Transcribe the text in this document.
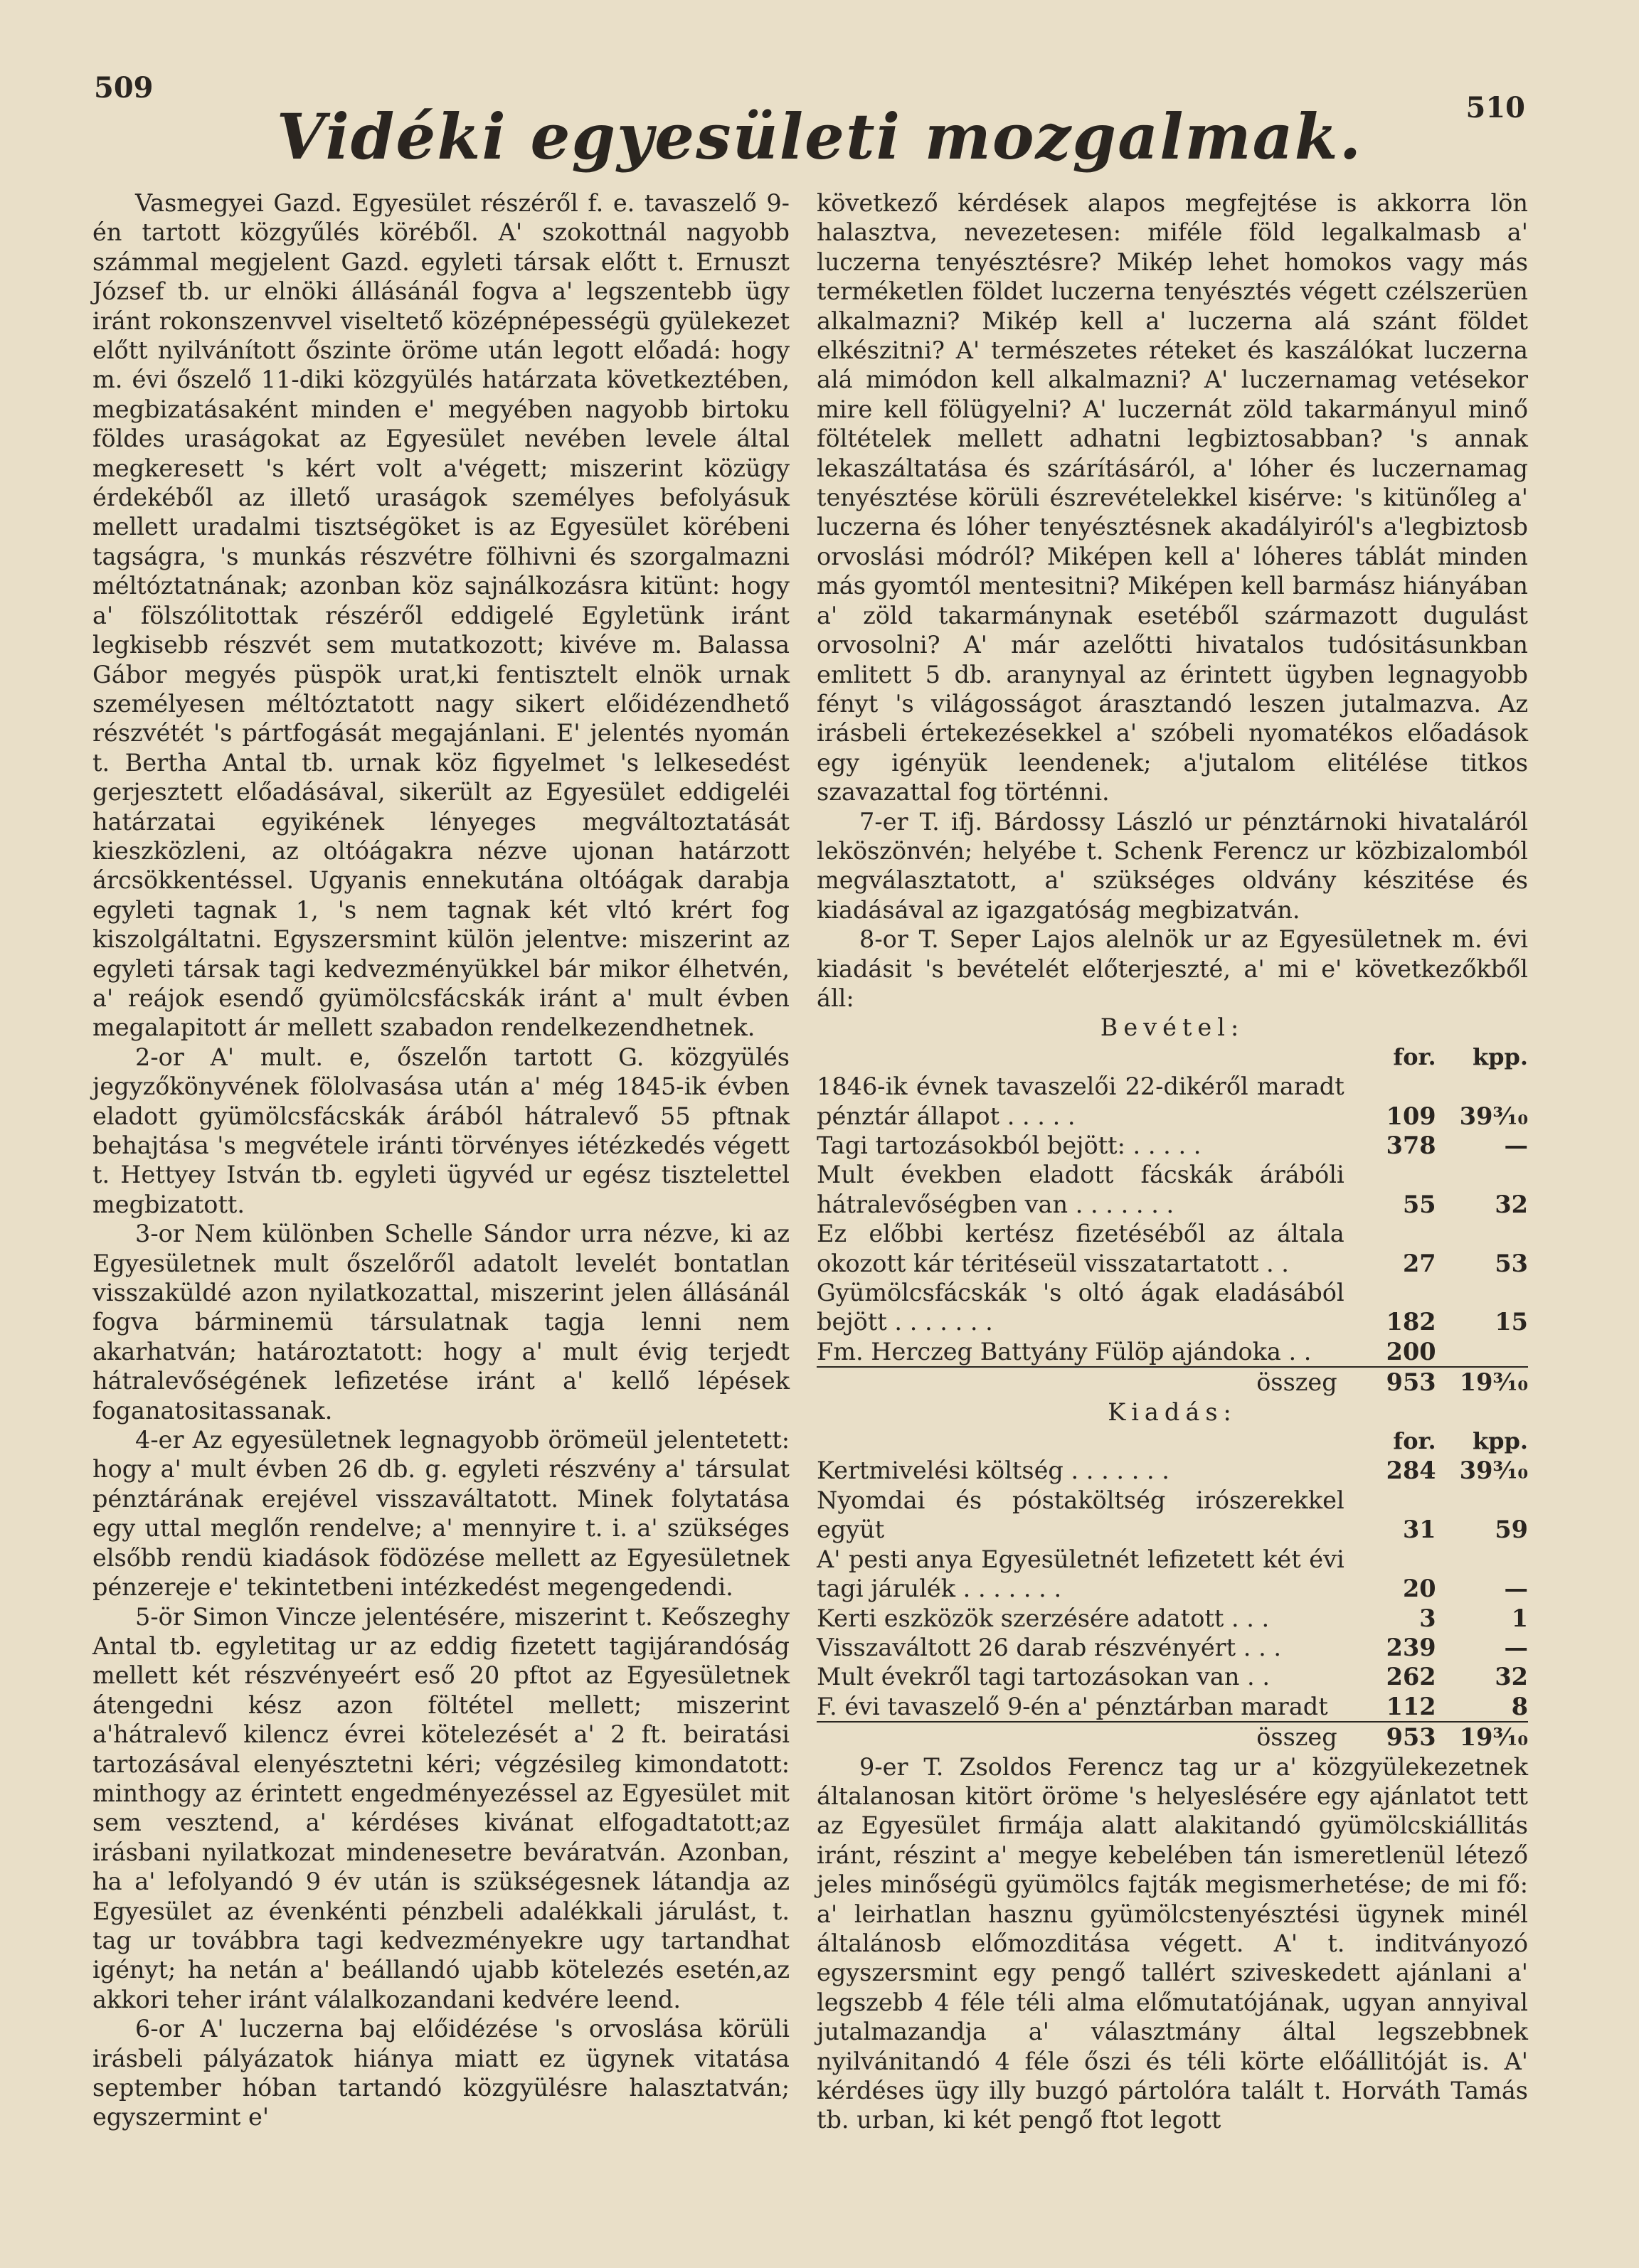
509
510
Vidéki egyesületi mozgalmak.

Vasmegyei Gazd. Egyesület részéről f. e. tavaszelő 9-én tartott közgyűlés köréből. A' szokottnál nagyobb számmal megjelent Gazd. egyleti társak előtt t. Ernuszt József tb. ur elnöki állásánál fogva a' legszentebb ügy iránt rokonszenvvel viseltető középnépességü gyülekezet előtt nyilvánított őszinte öröme után legott előadá: hogy m. évi őszelő 11-diki közgyülés határzata következtében, megbizatásaként minden e' megyében nagyobb birtoku földes uraságokat az Egyesület nevében levele által megkeresett 's kért volt a'végett; miszerint közügy érdekéből az illető uraságok személyes befolyásuk mellett uradalmi tisztségöket is az Egyesület körébeni tagságra, 's munkás részvétre fölhivni és szorgalmazni méltóztatnának; azonban köz sajnálkozásra kitünt: hogy a' fölszólitottak részéről eddigelé Egyletünk iránt legkisebb részvét sem mutatkozott; kivéve m. Balassa Gábor megyés püspök urat,ki fentisztelt elnök urnak személyesen méltóztatott nagy sikert előidézendhető részvétét 's pártfogását megajánlani. E' jelentés nyomán t. Bertha Antal tb. urnak köz figyelmet 's lelkesedést gerjesztett előadásával, sikerült az Egyesület eddigeléi határzatai egyikének lényeges megváltoztatását kieszközleni, az oltóágakra nézve ujonan határzott árcsökkentéssel. Ugyanis ennekutána oltóágak darabja egyleti tagnak 1, 's nem tagnak két vltó krért fog kiszolgáltatni. Egyszersmint külön jelentve: miszerint az egyleti társak tagi kedvezményükkel bár mikor élhetvén, a' reájok esendő gyümölcsfácskák iránt a' mult évben megalapitott ár mellett szabadon rendelkezendhetnek.

2-or A' mult. e, őszelőn tartott G. közgyülés jegyzőkönyvének fölolvasása után a' még 1845-ik évben eladott gyümölcsfácskák árából hátralevő 55 pftnak behajtása 's megvétele iránti törvényes iétézkedés végett t. Hettyey István tb. egyleti ügyvéd ur egész tisztelettel megbizatott.

3-or Nem különben Schelle Sándor urra nézve, ki az Egyesületnek mult őszelőről adatolt levelét bontatlan visszaküldé azon nyilatkozattal, miszerint jelen állásánál fogva bárminemü társulatnak tagja lenni nem akarhatván; határoztatott: hogy a' mult évig terjedt hátralevőségének lefizetése iránt a' kellő lépések foganatositassanak.

4-er Az egyesületnek legnagyobb örömeül jelentetett: hogy a' mult évben 26 db. g. egyleti részvény a' társulat pénztárának erejével visszaváltatott. Minek folytatása egy uttal meglőn rendelve; a' mennyire t. i. a' szükséges elsőbb rendü kiadások födözése mellett az Egyesületnek pénzereje e' tekintetbeni intézkedést megengedendi.

5-ör Simon Vincze jelentésére, miszerint t. Keőszeghy Antal tb. egyletitag ur az eddig fizetett tagijárandóság mellett két részvényeért eső 20 pftot az Egyesületnek átengedni kész azon föltétel mellett; miszerint a'hátralevő kilencz évrei kötelezését a' 2 ft. beiratási tartozásával elenyésztetni kéri; végzésileg kimondatott: minthogy az érintett engedményezéssel az Egyesület mit sem vesztend, a' kérdéses kivánat elfogadtatott;az irásbani nyilatkozat mindenesetre beváratván. Azonban, ha a' lefolyandó 9 év után is szükségesnek látandja az Egyesület az évenkénti pénzbeli adalékkali járulást, t. tag ur továbbra tagi kedvezményekre ugy tartandhat igényt; ha netán a' beállandó ujabb kötelezés esetén,az akkori teher iránt válalkozandani kedvére leend.

6-or A' luczerna baj előidézése 's orvoslása körüli irásbeli pályázatok hiánya miatt ez ügynek vitatása september hóban tartandó közgyülésre halasztatván; egyszermint e'

következő kérdések alapos megfejtése is akkorra lön halasztva, nevezetesen: miféle föld legalkalmasb a' luczerna tenyésztésre? Mikép lehet homokos vagy más terméketlen földet luczerna tenyésztés végett czélszerüen alkalmazni? Mikép kell a' luczerna alá szánt földet elkészitni? A' természetes réteket és kaszálókat luczerna alá mimódon kell alkalmazni? A' luczernamag vetésekor mire kell fölügyelni? A' luczernát zöld takarmányul minő föltételek mellett adhatni legbiztosabban? 's annak lekaszáltatása és szárításáról, a' lóher és luczernamag tenyésztése körüli észrevételekkel kisérve: 's kitünőleg a' luczerna és lóher tenyésztésnek akadályiról's a'legbiztosb orvoslási módról? Miképen kell a' lóheres táblát minden más gyomtól mentesitni? Miképen kell barmász hiányában a' zöld takarmánynak esetéből származott dugulást orvosolni? A' már azelőtti hivatalos tudósitásunkban emlitett 5 db. aranynyal az érintett ügyben legnagyobb fényt 's világosságot árasztandó leszen jutalmazva. Az irásbeli értekezésekkel a' szóbeli nyomatékos előadások egy igényük leendenek; a'jutalom elitélése titkos szavazattal fog történni.

7-er T. ifj. Bárdossy László ur pénztárnoki hivataláról leköszönvén; helyébe t. Schenk Ferencz ur közbizalomból megválasztatott, a' szükséges oldvány készitése és kiadásával az igazgatóság megbizatván.

8-or T. Seper Lajos alelnök ur az Egyesületnek m. évi kiadásit 's bevételét előterjeszté, a' mi e' következőkből áll:

Bevétel:		
	for.	kpp.
1846-ik évnek tavaszelői 22-dikéről maradt pénztár állapot . . . . .	109	39³⁄₁₀
Tagi tartozásokból bejött: . . . . .	378	—
Mult években eladott fácskák árábóli hátralevőségben van . . . . . . .	55	32
Ez előbbi kertész fizetéséből az általa okozott kár téritéseül visszatartatott . .	27	53
Gyümölcsfácskák 's oltó ágak eladásából bejött . . . . . . .	182	15
Fm. Herczeg Battyány Fülöp ajándoka . .	200	
összeg	953	19³⁄₁₀
Kiadás:		
	for.	kpp.
Kertmivelési költség . . . . . . .	284	39³⁄₁₀
Nyomdai és póstaköltség irószerekkel együt	31	59
A' pesti anya Egyesületnét lefizetett két évi tagi járulék . . . . . . .	20	—
Kerti eszközök szerzésére adatott . . .	3	1
Visszaváltott 26 darab részvényért . . .	239	—
Mult évekről tagi tartozásokan van . .	262	32
F. évi tavaszelő 9-én a' pénztárban maradt	112	8
összeg	953	19³⁄₁₀

9-er T. Zsoldos Ferencz tag ur a' közgyülekezetnek általanosan kitört öröme 's helyeslésére egy ajánlatot tett az Egyesület firmája alatt alakitandó gyümölcskiállitás iránt, részint a' megye kebelében tán ismeretlenül létező jeles minőségü gyümölcs fajták megismerhetése; de mi fő: a' leirhatlan hasznu gyümölcstenyésztési ügynek minél általánosb előmozditása végett. A' t. inditványozó egyszersmint egy pengő tallért sziveskedett ajánlani a' legszebb 4 féle téli alma előmutatójának, ugyan annyival jutalmazandja a' választmány által legszebbnek nyilvánitandó 4 féle őszi és téli körte előállitóját is. A' kérdéses ügy illy buzgó pártolóra talált t. Horváth Tamás tb. urban, ki két pengő ftot legott
